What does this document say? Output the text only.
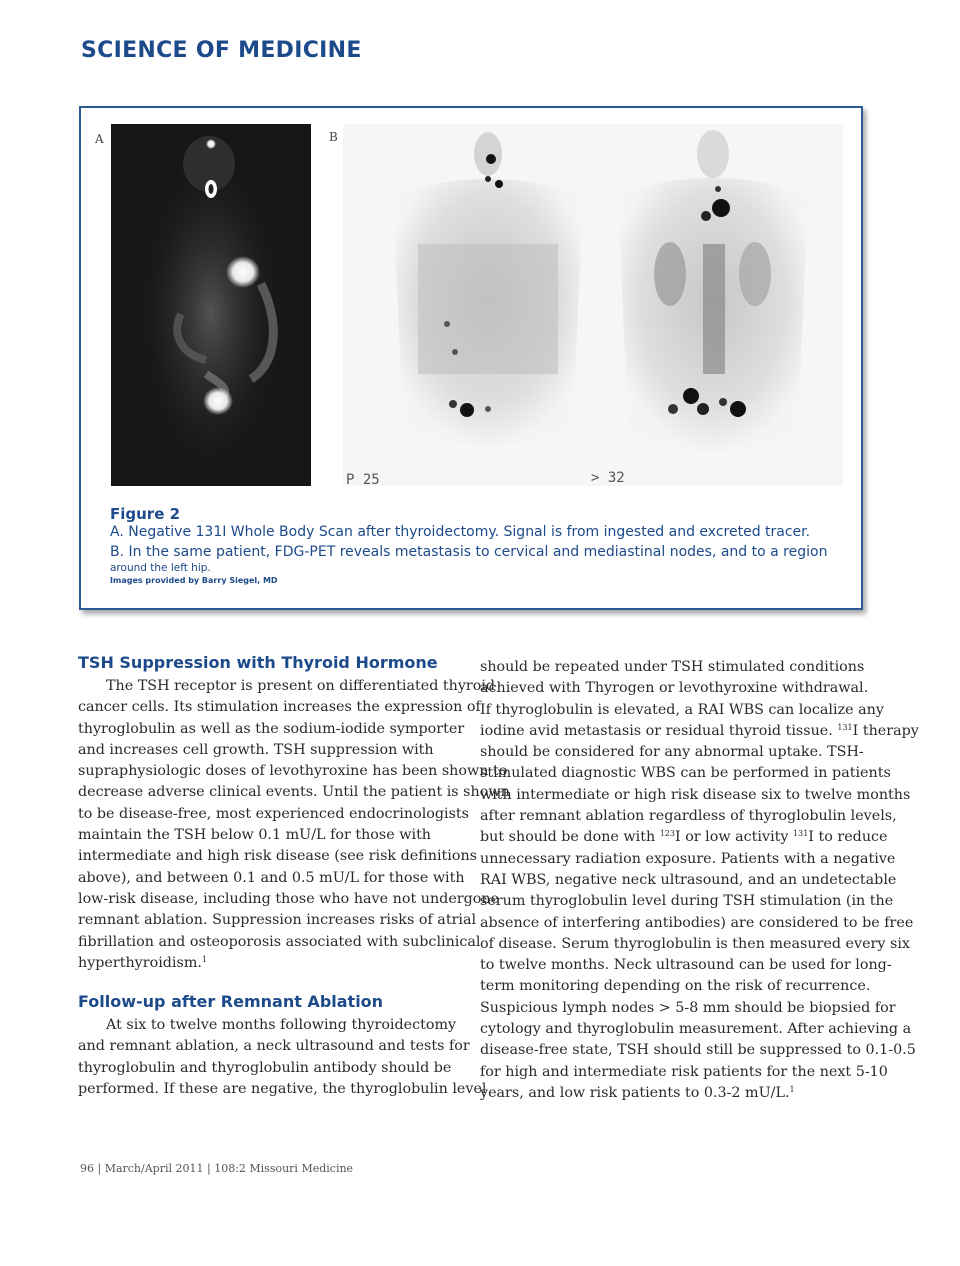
SCIENCE OF MEDICINE
A	B
P 25	> 32
Figure 2
A. Negative 131I Whole Body Scan after thyroidectomy. Signal is from ingested and excreted tracer.
B. In the same patient, FDG-PET reveals metastasis to cervical and mediastinal nodes, and to a region
around the left hip.
Images provided by Barry Siegel, MD
TSH Suppression with Thyroid Hormone
The TSH receptor is present on differentiated thyroid
cancer cells. Its stimulation increases the expression of
thyroglobulin as well as the sodium-iodide symporter
and increases cell growth. TSH suppression with
supraphysiologic doses of levothyroxine has been shown to
decrease adverse clinical events. Until the patient is shown
to be disease-free, most experienced endocrinologists
maintain the TSH below 0.1 mU/L for those with
intermediate and high risk disease (see risk definitions
above), and between 0.1 and 0.5 mU/L for those with
low-risk disease, including those who have not undergone
remnant ablation. Suppression increases risks of atrial
fibrillation and osteoporosis associated with subclinical
hyperthyroidism.$^1$
Follow-up after Remnant Ablation
At six to twelve months following thyroidectomy
and remnant ablation, a neck ultrasound and tests for
thyroglobulin and thyroglobulin antibody should be
performed. If these are negative, the thyroglobulin level
should be repeated under TSH stimulated conditions
achieved with Thyrogen or levothyroxine withdrawal.
If thyroglobulin is elevated, a RAI WBS can localize any
iodine avid metastasis or residual thyroid tissue. $^{131}$I therapy
should be considered for any abnormal uptake. TSH-
stimulated diagnostic WBS can be performed in patients
with intermediate or high risk disease six to twelve months
after remnant ablation regardless of thyroglobulin levels,
but should be done with $^{123}$I or low activity $^{131}$I to reduce
unnecessary radiation exposure. Patients with a negative
RAI WBS, negative neck ultrasound, and an undetectable
serum thyroglobulin level during TSH stimulation (in the
absence of interfering antibodies) are considered to be free
of disease. Serum thyroglobulin is then measured every six
to twelve months. Neck ultrasound can be used for long-
term monitoring depending on the risk of recurrence.
Suspicious lymph nodes > 5-8 mm should be biopsied for
cytology and thyroglobulin measurement. After achieving a
disease-free state, TSH should still be suppressed to 0.1-0.5
for high and intermediate risk patients for the next 5-10
years, and low risk patients to 0.3-2 mU/L.$^1$
96 | March/April 2011 | 108:2 Missouri Medicine
